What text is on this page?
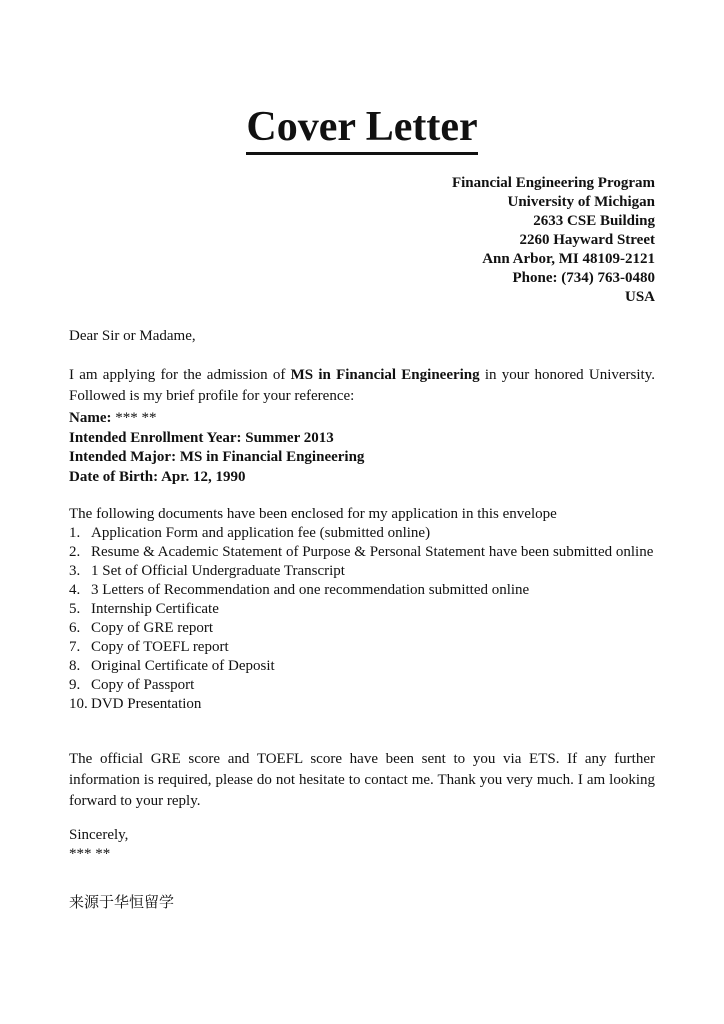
Cover Letter
Financial Engineering Program
University of Michigan
2633 CSE Building
2260 Hayward Street
Ann Arbor, MI 48109-2121
Phone: (734) 763-0480
USA
Dear Sir or Madame,
I am applying for the admission of MS in Financial Engineering in your honored University. Followed is my brief profile for your reference:
Name: *** **
Intended Enrollment Year: Summer 2013
Intended Major: MS in Financial Engineering
Date of Birth: Apr. 12, 1990
The following documents have been enclosed for my application in this envelope
1. Application Form and application fee (submitted online)
2. Resume & Academic Statement of Purpose & Personal Statement have been submitted online
3. 1 Set of Official Undergraduate Transcript
4. 3 Letters of Recommendation and one recommendation submitted online
5. Internship Certificate
6. Copy of GRE report
7. Copy of TOEFL report
8. Original Certificate of Deposit
9. Copy of Passport
10. DVD Presentation
The official GRE score and TOEFL score have been sent to you via ETS. If any further information is required, please do not hesitate to contact me. Thank you very much. I am looking forward to your reply.
Sincerely,
*** **
来源于华恒留学
